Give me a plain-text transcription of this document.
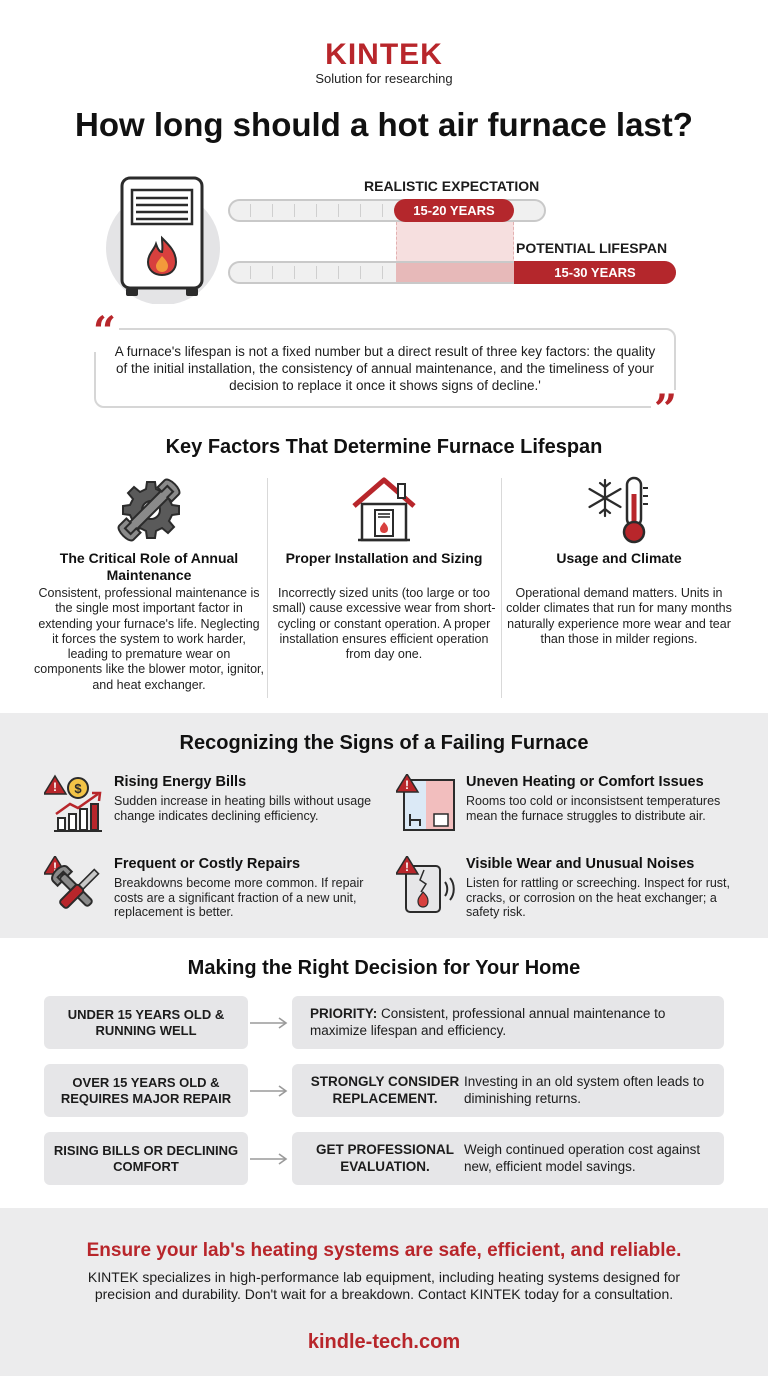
KINTEK
Solution for researching
How long should a hot air furnace last?
REALISTIC EXPECTATION
15-20 YEARS
POTENTIAL LIFESPAN
15-30 YEARS
“
”

A furnace's lifespan is not a fixed number but a direct result of three key factors: the quality of the initial installation, the consistency of annual maintenance, and the timeliness of your decision to replace it once it shows signs of decline.'

Key Factors That Determine Furnace Lifespan
The Critical Role of Annual Maintenance

Consistent, professional maintenance is the single most important factor in extending your furnace's life. Neglecting it forces the system to work harder, leading to premature wear on components like the blower motor, ignitor, and heat exchanger.

Proper Installation and Sizing

Incorrectly sized units (too large or too small) cause excessive wear from short-cycling or constant operation. A proper installation ensures efficient operation from day one.

Usage and Climate

Operational demand matters. Units in colder climates that run for many months naturally experience more wear and tear than those in milder regions.

Recognizing the Signs of a Failing Furnace
! $ Rising Energy Bills

Sudden increase in heating bills without usage change indicates declining efficiency.

!	Uneven Heating or Comfort Issues

Rooms too cold or inconsistsent temperatures mean the furnace struggles to distribute air.

!	Frequent or Costly Repairs

Breakdowns become more common. If repair costs are a significant fraction of a new unit, replacement is better.

!	Visible Wear and Unusual Noises

Listen for rattling or screeching. Inspect for rust, cracks, or corrosion on the heat exchanger; a safety risk.

Making the Right Decision for Your Home
UNDER 15 YEARS OLD & RUNNING WELL
PRIORITY: Consistent, professional annual maintenance to maximize lifespan and efficiency.
OVER 15 YEARS OLD & REQUIRES MAJOR REPAIR
STRONGLY CONSIDER REPLACEMENT.
Investing in an old system often leads to diminishing returns.
RISING BILLS OR DECLINING COMFORT
GET PROFESSIONAL EVALUATION.
Weigh continued operation cost against new, efficient model savings.
Ensure your lab's heating systems are safe, efficient, and reliable.

KINTEK specializes in high-performance lab equipment, including heating systems designed for precision and durability. Don't wait for a breakdown. Contact KINTEK today for a consultation.

kindle-tech.com
